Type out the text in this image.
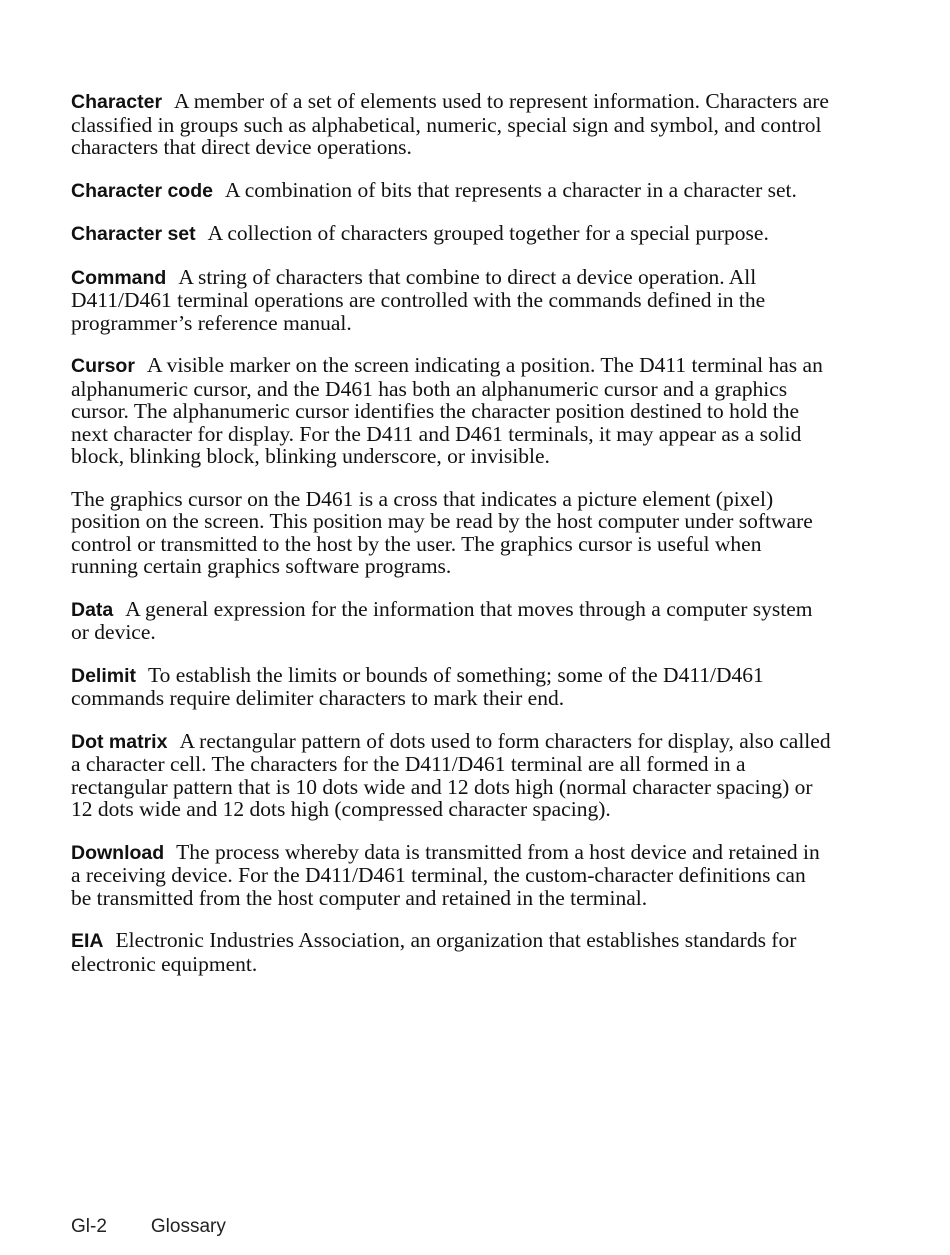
Character A member of a set of elements used to represent information. Characters are classified in groups such as alphabetical, numeric, special sign and symbol, and control characters that direct device operations.

Character code A combination of bits that represents a character in a character set.

Character set A collection of characters grouped together for a special purpose.

Command A string of characters that combine to direct a device operation. All D411/D461 terminal operations are controlled with the commands defined in the programmer’s reference manual.

Cursor A visible marker on the screen indicating a position. The D411 terminal has an alphanumeric cursor, and the D461 has both an alphanumeric cursor and a graphics cursor. The alphanumeric cursor identifies the character position destined to hold the next character for display. For the D411 and D461 terminals, it may appear as a solid block, blinking block, blinking underscore, or invisible.

The graphics cursor on the D461 is a cross that indicates a picture element (pixel) position on the screen. This position may be read by the host computer under software control or transmitted to the host by the user. The graphics cursor is useful when running certain graphics software programs.

Data A general expression for the information that moves through a computer system or device.

Delimit To establish the limits or bounds of something; some of the D411/D461 commands require delimiter characters to mark their end.

Dot matrix A rectangular pattern of dots used to form characters for display, also called a character cell. The characters for the D411/D461 terminal are all formed in a rectangular pattern that is 10 dots wide and 12 dots high (normal character spacing) or 12 dots wide and 12 dots high (compressed character spacing).

Download The process whereby data is transmitted from a host device and retained in a receiving device. For the D411/D461 terminal, the custom-character definitions can be transmitted from the host computer and retained in the terminal.

EIA Electronic Industries Association, an organization that establishes standards for electronic equipment.

Gl-2 Glossary
